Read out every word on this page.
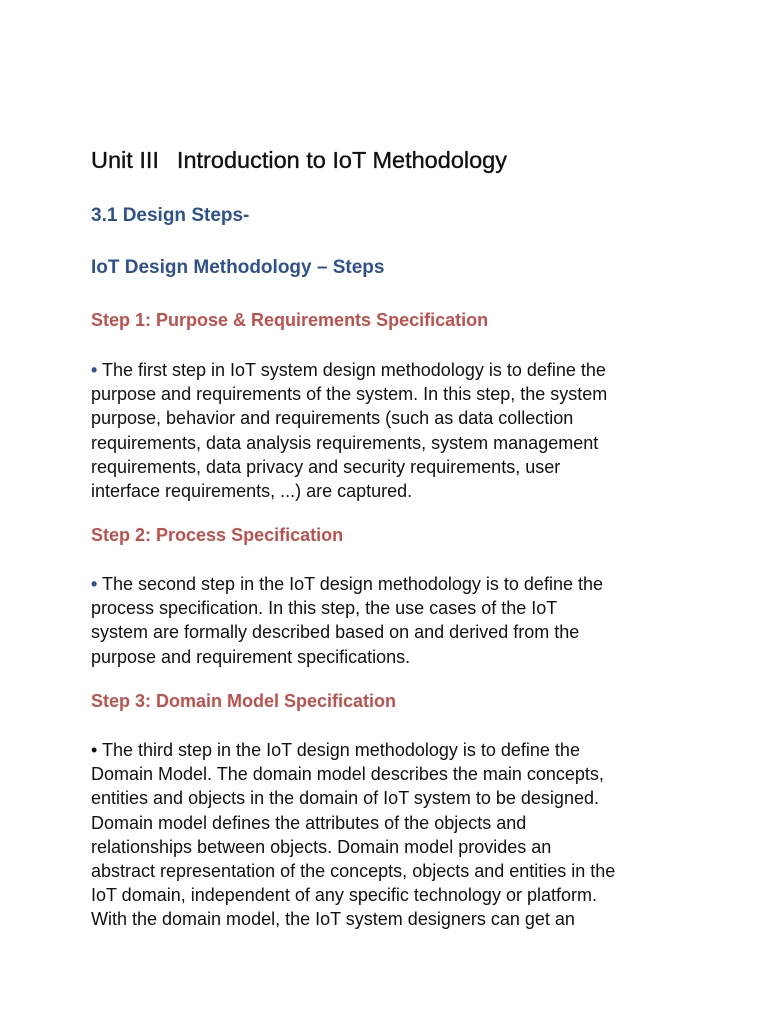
Unit III Introduction to IoT Methodology
3.1 Design Steps-
IoT Design Methodology – Steps
Step 1: Purpose & Requirements Specification

• The first step in IoT system design methodology is to define the
purpose and requirements of the system. In this step, the system
purpose, behavior and requirements (such as data collection
requirements, data analysis requirements, system management
requirements, data privacy and security requirements, user
interface requirements, ...) are captured.

Step 2: Process Specification

• The second step in the IoT design methodology is to define the
process specification. In this step, the use cases of the IoT
system are formally described based on and derived from the
purpose and requirement specifications.

Step 3: Domain Model Specification

• The third step in the IoT design methodology is to define the
Domain Model. The domain model describes the main concepts,
entities and objects in the domain of IoT system to be designed.
Domain model defines the attributes of the objects and
relationships between objects. Domain model provides an
abstract representation of the concepts, objects and entities in the
IoT domain, independent of any specific technology or platform.
With the domain model, the IoT system designers can get an
